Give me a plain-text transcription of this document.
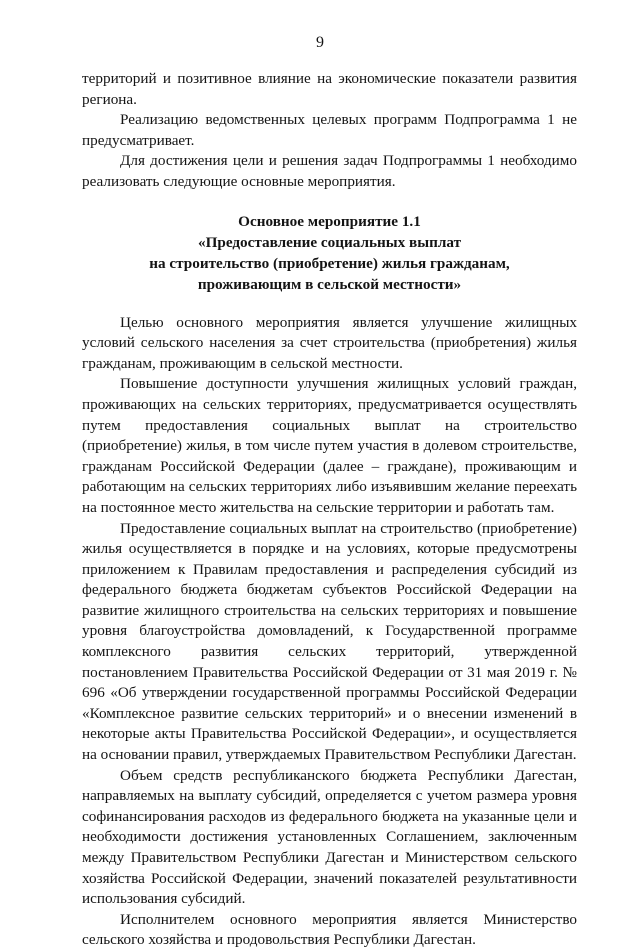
9

территорий и позитивное влияние на экономические показатели развития региона.

Реализацию ведомственных целевых программ Подпрограмма 1 не предусматривает.

Для достижения цели и решения задач Подпрограммы 1 необходимо реализовать следующие основные мероприятия.

Основное мероприятие 1.1
«Предоставление социальных выплат
на строительство (приобретение) жилья гражданам,
проживающим в сельской местности»

Целью основного мероприятия является улучшение жилищных условий сельского населения за счет строительства (приобретения) жилья гражданам, проживающим в сельской местности.

Повышение доступности улучшения жилищных условий граждан, проживающих на сельских территориях, предусматривается осуществлять путем предоставления социальных выплат на строительство (приобретение) жилья, в том числе путем участия в долевом строительстве, гражданам Российской Федерации (далее – граждане), проживающим и работающим на сельских территориях либо изъявившим желание переехать на постоянное место жительства на сельские территории и работать там.

Предоставление социальных выплат на строительство (приобретение) жилья осуществляется в порядке и на условиях, которые предусмотрены приложением к Правилам предоставления и распределения субсидий из федерального бюджета бюджетам субъектов Российской Федерации на развитие жилищного строительства на сельских территориях и повышение уровня благоустройства домовладений, к Государственной программе комплексного развития сельских территорий, утвержденной постановлением Правительства Российской Федерации от 31 мая 2019 г. № 696 «Об утверждении государственной программы Российской Федерации «Комплексное развитие сельских территорий» и о внесении изменений в некоторые акты Правительства Российской Федерации», и осуществляется на основании правил, утверждаемых Правительством Республики Дагестан.

Объем средств республиканского бюджета Республики Дагестан, направляемых на выплату субсидий, определяется с учетом размера уровня софинансирования расходов из федерального бюджета на указанные цели и необходимости достижения установленных Соглашением, заключенным между Правительством Республики Дагестан и Министерством сельского хозяйства Российской Федерации, значений показателей результативности использования субсидий.

Исполнителем основного мероприятия является Министерство сельского хозяйства и продовольствия Республики Дагестан.
